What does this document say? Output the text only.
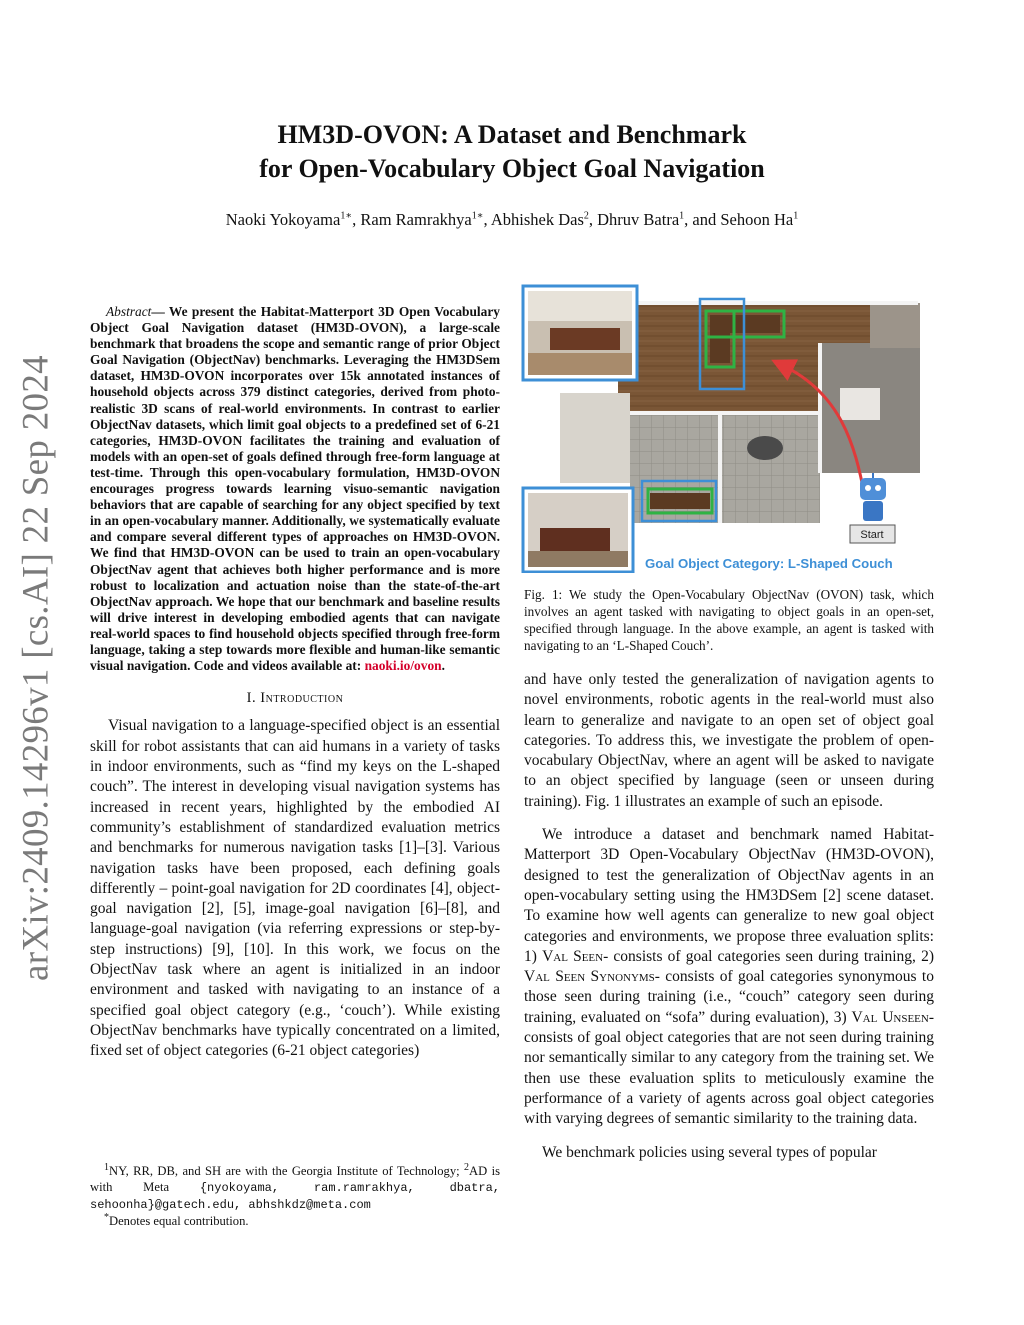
arXiv:2409.14296v1 [cs.AI] 22 Sep 2024
HM3D-OVON: A Dataset and Benchmark
for Open-Vocabulary Object Goal Navigation
Naoki Yokoyama$^{1∗}$, Ram Ramrakhya$^{1∗}$, Abhishek Das$^2$, Dhruv Batra$^1$, and Sehoon Ha$^1$

Abstract— We present the Habitat-Matterport 3D Open Vocabulary Object Goal Navigation dataset (HM3D-OVON), a large-scale benchmark that broadens the scope and semantic range of prior Object Goal Navigation (ObjectNav) benchmarks. Leveraging the HM3DSem dataset, HM3D-OVON incorporates over 15k annotated instances of household objects across 379 distinct categories, derived from photo-realistic 3D scans of real-world environments. In contrast to earlier ObjectNav datasets, which limit goal objects to a predefined set of 6-21 categories, HM3D-OVON facilitates the training and evaluation of models with an open-set of goals defined through free-form language at test-time. Through this open-vocabulary formulation, HM3D-OVON encourages progress towards learning visuo-semantic navigation behaviors that are capable of searching for any object specified by text in an open-vocabulary manner. Additionally, we systematically evaluate and compare several different types of approaches on HM3D-OVON. We find that HM3D-OVON can be used to train an open-vocabulary ObjectNav agent that achieves both higher performance and is more robust to localization and actuation noise than the state-of-the-art ObjectNav approach. We hope that our benchmark and baseline results will drive interest in developing embodied agents that can navigate real-world spaces to find household objects specified through free-form language, taking a step towards more flexible and human-like semantic visual navigation. Code and videos available at: naoki.io/ovon.

I. Introduction

Visual navigation to a language-specified object is an essential skill for robot assistants that can aid humans in a variety of tasks in indoor environments, such as “find my keys on the L-shaped couch”. The interest in developing visual navigation systems has increased in recent years, highlighted by the embodied AI community’s establishment of standardized evaluation metrics and benchmarks for numerous navigation tasks [1]–[3]. Various navigation tasks have been proposed, each defining goals differently – point-goal navigation for 2D coordinates [4], object-goal navigation [2], [5], image-goal navigation [6]–[8], and language-goal navigation (via referring expressions or step-by-step instructions) [9], [10]. In this work, we focus on the ObjectNav task where an agent is initialized in an indoor environment and tasked with navigating to an instance of a specified goal object category (e.g., ‘couch’). While existing ObjectNav benchmarks have typically concentrated on a limited, fixed set of object categories (6-21 object categories)

$^1$NY, RR, DB, and SH are with the Georgia Institute of Technology; $^2$AD is with Meta {nyokoyama, ram.ramrakhya, dbatra, sehoonha}@gatech.edu, abhshkdz@meta.com

*Denotes equal contribution.

Start
Goal Object Category: L-Shaped Couch
Fig. 1: We study the Open-Vocabulary ObjectNav (OVON) task, which involves an agent tasked with navigating to object goals in an open-set, specified through language. In the above example, an agent is tasked with navigating to an ‘L-Shaped Couch’.

and have only tested the generalization of navigation agents to novel environments, robotic agents in the real-world must also learn to generalize and navigate to an open set of object goal categories. To address this, we investigate the problem of open-vocabulary ObjectNav, where an agent will be asked to navigate to an object specified by language (seen or unseen during training). Fig. 1 illustrates an example of such an episode.

We introduce a dataset and benchmark named Habitat-Matterport 3D Open-Vocabulary ObjectNav (HM3D-OVON), designed to test the generalization of ObjectNav agents in an open-vocabulary setting using the HM3DSem [2] scene dataset. To examine how well agents can generalize to new goal object categories and environments, we propose three evaluation splits: 1) Val Seen- consists of goal categories seen during training, 2) Val Seen Synonyms- consists of goal categories synonymous to those seen during training (i.e., “couch” category seen during training, evaluated on “sofa” during evaluation), 3) Val Unseen- consists of goal object categories that are not seen during training nor semantically similar to any category from the training set. We then use these evaluation splits to meticulously examine the performance of a variety of agents across goal object categories with varying degrees of semantic similarity to the training data.

We benchmark policies using several types of popular
